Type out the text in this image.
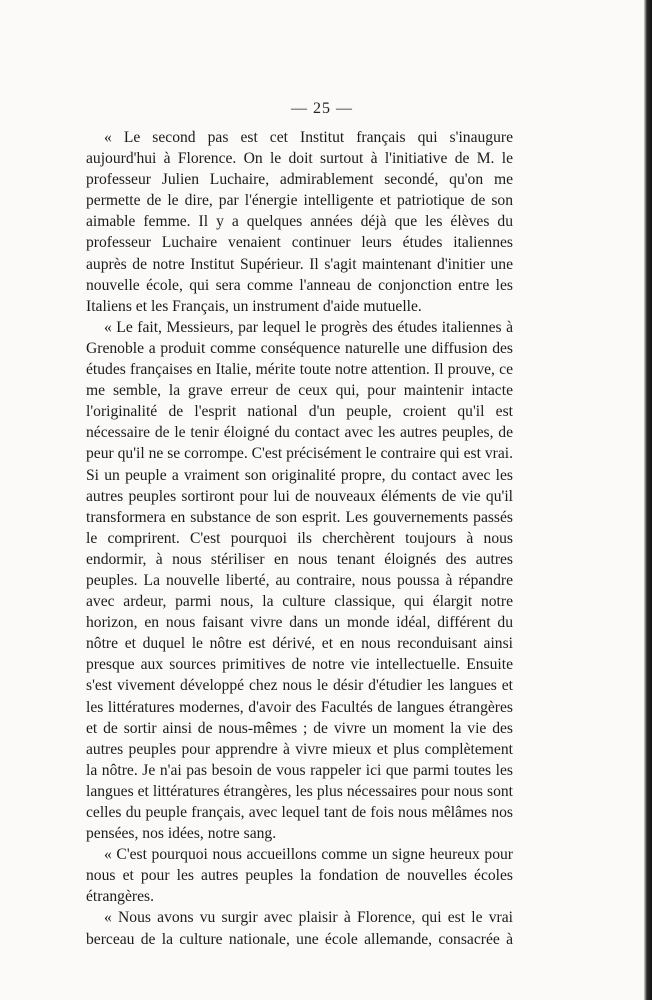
— 25 —

« Le second pas est cet Institut français qui s'inaugure aujourd'hui à Florence. On le doit surtout à l'initiative de M. le professeur Julien Luchaire, admirablement secondé, qu'on me permette de le dire, par l'énergie intelligente et patriotique de son aimable femme. Il y a quelques années déjà que les élèves du professeur Luchaire venaient continuer leurs études italiennes auprès de notre Institut Supérieur. Il s'agit maintenant d'initier une nouvelle école, qui sera comme l'anneau de conjonction entre les Italiens et les Français, un instrument d'aide mutuelle.

« Le fait, Messieurs, par lequel le progrès des études italiennes à Grenoble a produit comme conséquence naturelle une diffusion des études françaises en Italie, mérite toute notre attention. Il prouve, ce me semble, la grave erreur de ceux qui, pour maintenir intacte l'originalité de l'esprit national d'un peuple, croient qu'il est nécessaire de le tenir éloigné du contact avec les autres peuples, de peur qu'il ne se corrompe. C'est précisément le contraire qui est vrai. Si un peuple a vraiment son originalité propre, du contact avec les autres peuples sortiront pour lui de nouveaux éléments de vie qu'il transformera en substance de son esprit. Les gouvernements passés le comprirent. C'est pourquoi ils cherchèrent toujours à nous endormir, à nous stériliser en nous tenant éloignés des autres peuples. La nouvelle liberté, au contraire, nous poussa à répandre avec ardeur, parmi nous, la culture classique, qui élargit notre horizon, en nous faisant vivre dans un monde idéal, différent du nôtre et duquel le nôtre est dérivé, et en nous reconduisant ainsi presque aux sources primitives de notre vie intellectuelle. Ensuite s'est vivement développé chez nous le désir d'étudier les langues et les littératures modernes, d'avoir des Facultés de langues étrangères et de sortir ainsi de nous-mêmes ; de vivre un moment la vie des autres peuples pour apprendre à vivre mieux et plus complètement la nôtre. Je n'ai pas besoin de vous rappeler ici que parmi toutes les langues et littératures étrangères, les plus nécessaires pour nous sont celles du peuple français, avec lequel tant de fois nous mêlâmes nos pensées, nos idées, notre sang.

« C'est pourquoi nous accueillons comme un signe heureux pour nous et pour les autres peuples la fondation de nouvelles écoles étrangères.

« Nous avons vu surgir avec plaisir à Florence, qui est le vrai berceau de la culture nationale, une école allemande, consacrée à
